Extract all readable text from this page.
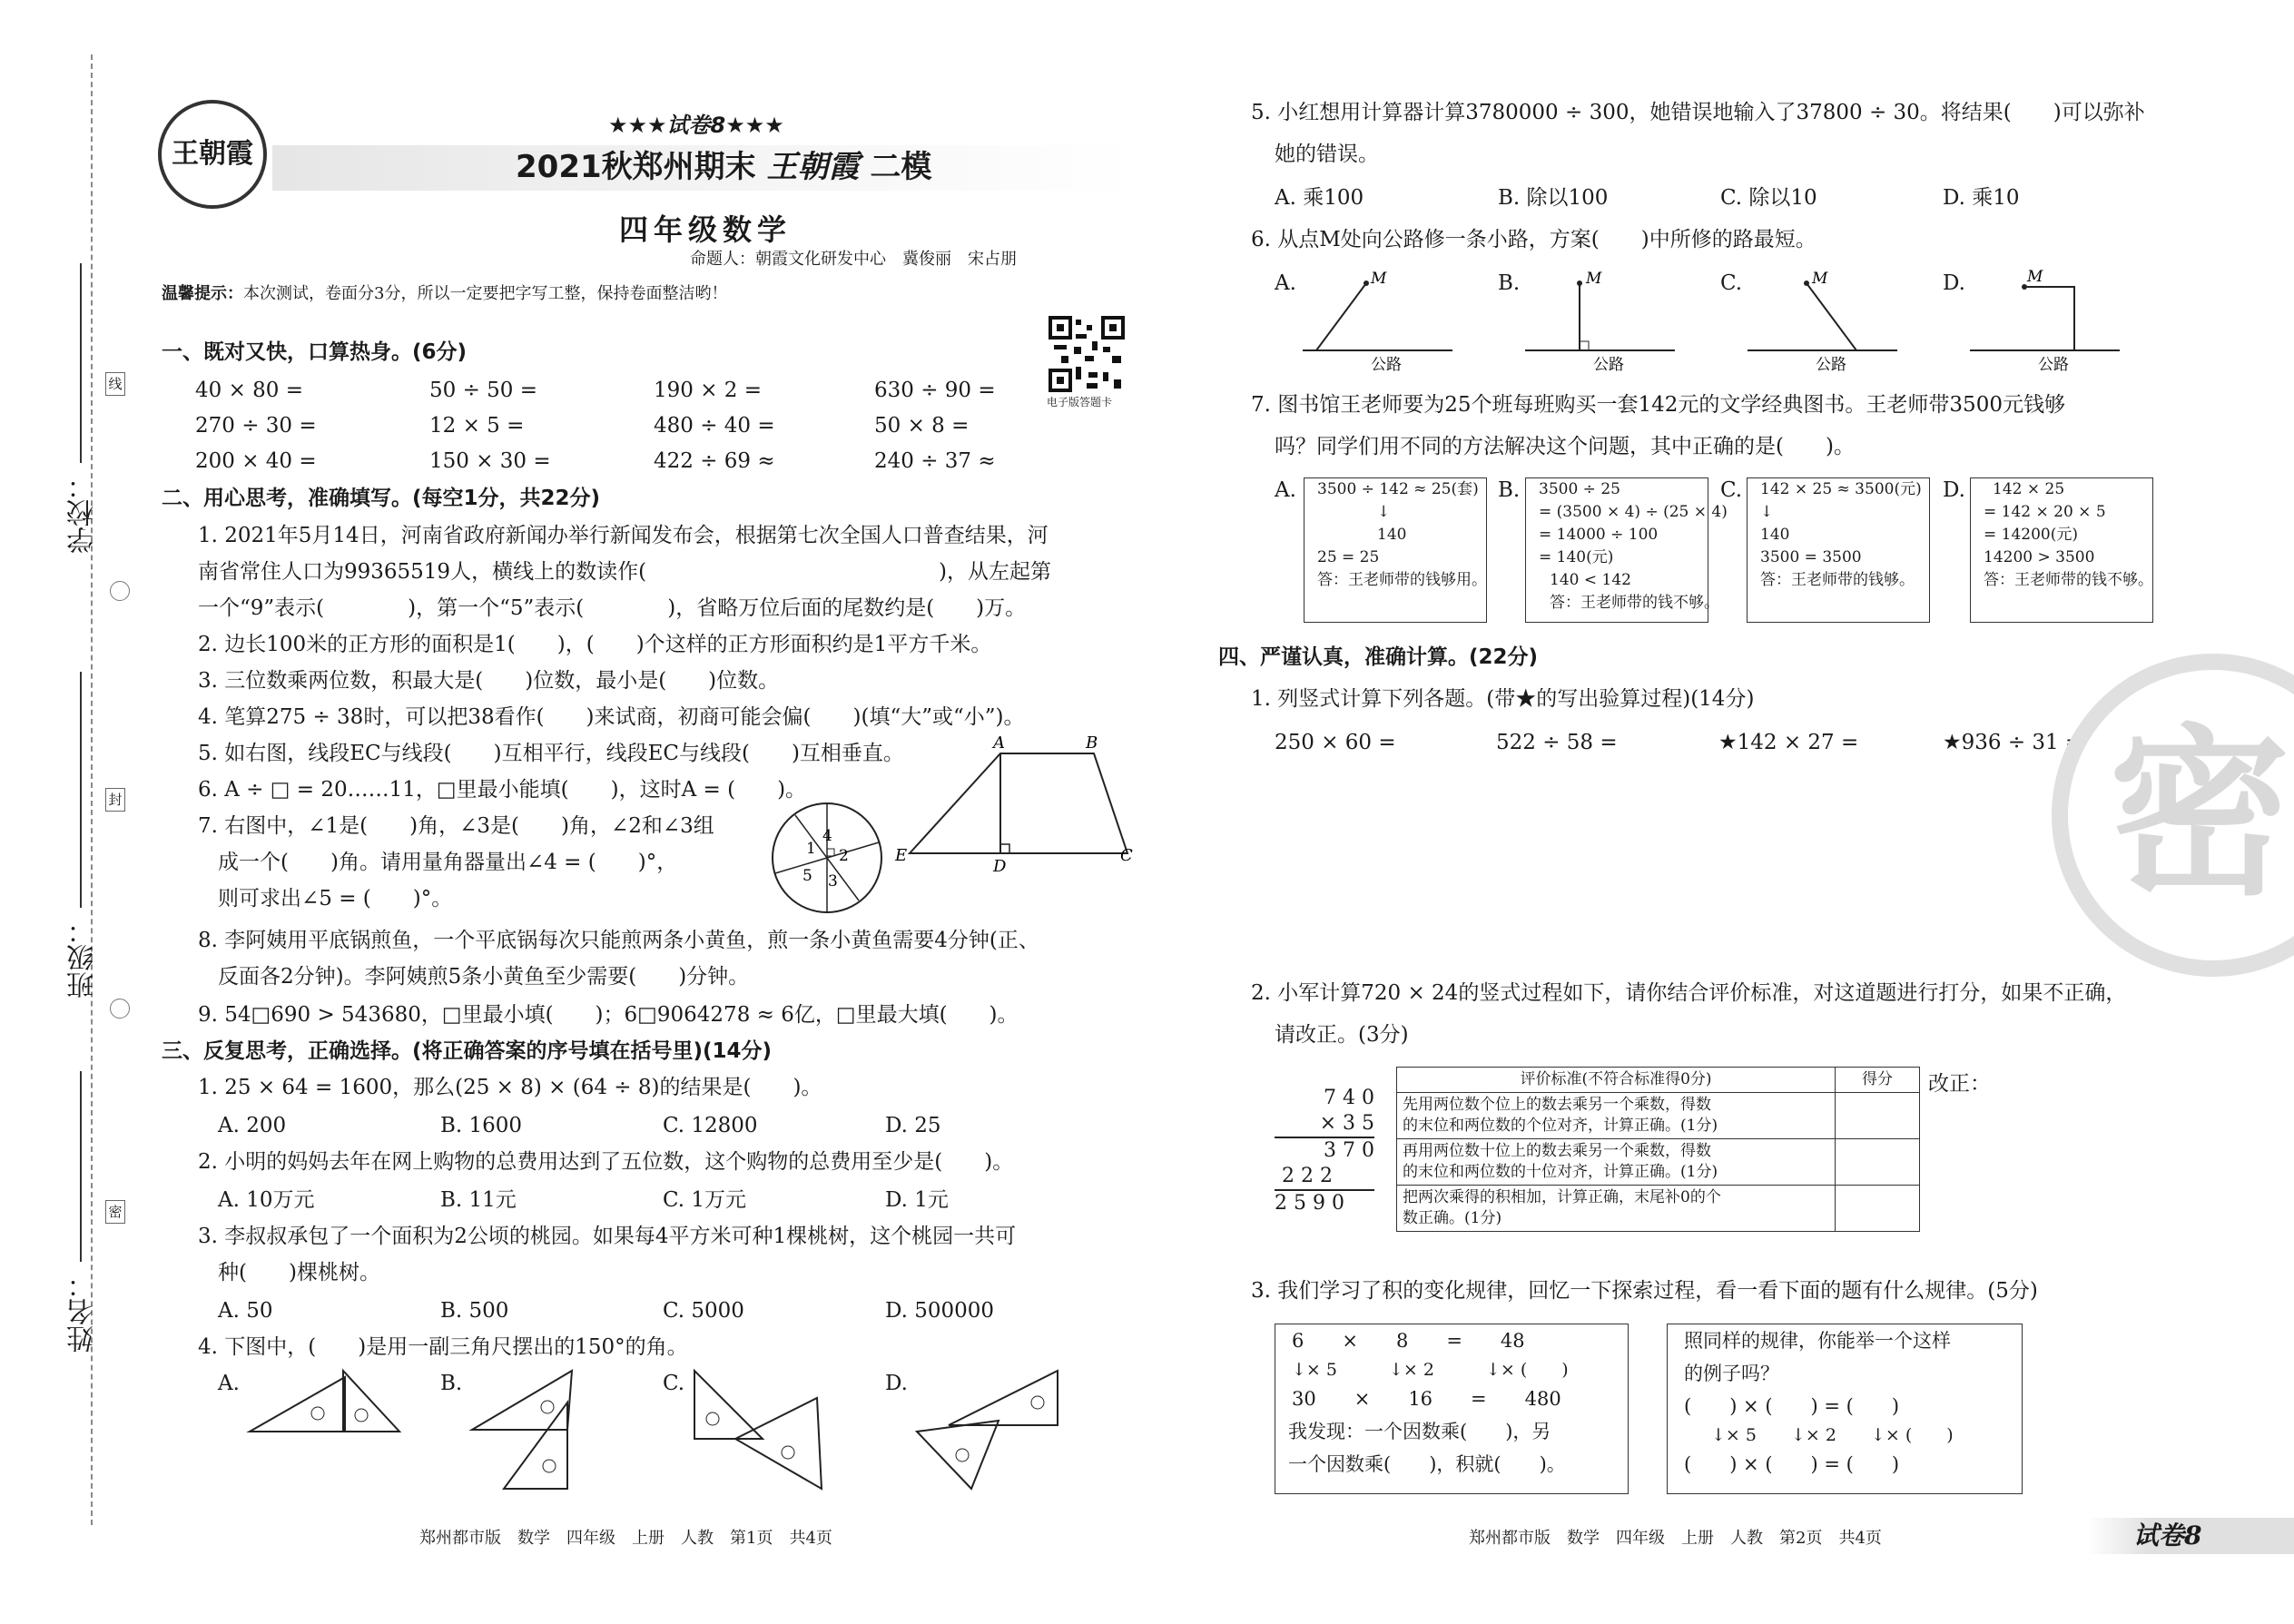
学校：
班级：
姓名：
线
封
密
王朝霞
★★★试卷8★★★
2021秋郑州期末 王朝霞 二模
四年级数学
命题人：朝霞文化研发中心　冀俊丽　宋占朋
温馨提示：本次测试，卷面分3分，所以一定要把字写工整，保持卷面整洁哟！
电子版答题卡
一、既对又快，口算热身。(6分)
40 × 80 =	50 ÷ 50 =	190 × 2 =	630 ÷ 90 =
270 ÷ 30 =	12 × 5 =	480 ÷ 40 =	50 × 8 =
200 × 40 =	150 × 30 =	422 ÷ 69 ≈	240 ÷ 37 ≈
二、用心思考，准确填写。(每空1分，共22分)
1. 2021年5月14日，河南省政府新闻办举行新闻发布会，根据第七次全国人口普查结果，河
南省常住人口为99365519人，横线上的数读作(　　　　　　　　　　　　　　)，从左起第
一个“9”表示(　　　　)，第一个“5”表示(　　　　)，省略万位后面的尾数约是(　　)万。
2. 边长100米的正方形的面积是1(　　)，(　　)个这样的正方形面积约是1平方千米。
3. 三位数乘两位数，积最大是(　　)位数，最小是(　　)位数。
4. 笔算275 ÷ 38时，可以把38看作(　　)来试商，初商可能会偏(　　)(填“大”或“小”)。
5. 如右图，线段EC与线段(　　)互相平行，线段EC与线段(　　)互相垂直。
6. A ÷ □ = 20……11，□里最小能填(　　)，这时A = (　　)。
7. 右图中，∠1是(　　)角，∠3是(　　)角，∠2和∠3组
成一个(　　)角。请用量角器量出∠4 = (　　)°，
则可求出∠5 = (　　)°。
8. 李阿姨用平底锅煎鱼，一个平底锅每次只能煎两条小黄鱼，煎一条小黄鱼需要4分钟(正、
反面各2分钟)。李阿姨煎5条小黄鱼至少需要(　　)分钟。
9. 54□690 > 543680，□里最小填(　　)；6□9064278 ≈ 6亿，□里最大填(　　)。
A	B
E
D
C
1
4
2
5 3
三、反复思考，正确选择。(将正确答案的序号填在括号里)(14分)
1. 25 × 64 = 1600，那么(25 × 8) × (64 ÷ 8)的结果是(　　)。
A. 200	B. 1600	C. 12800	D. 25
2. 小明的妈妈去年在网上购物的总费用达到了五位数，这个购物的总费用至少是(　　)。
A. 10万元	B. 11元	C. 1万元	D. 1元
3. 李叔叔承包了一个面积为2公顷的桃园。如果每4平方米可种1棵桃树，这个桃园一共可
种(　　)棵桃树。
A. 50	B. 500	C. 5000	D. 500000
4. 下图中，(　　)是用一副三角尺摆出的150°的角。
A.	B.	C.	D.
郑州都市版　数学　四年级　上册　人教　第1页　共4页
5. 小红想用计算器计算3780000 ÷ 300，她错误地输入了37800 ÷ 30。将结果(　　)可以弥补
她的错误。
A. 乘100	B. 除以100	C. 除以10	D. 乘10
6. 从点M处向公路修一条小路，方案(　　)中所修的路最短。
A.	B.	C.	D.
M
公路
M
公路
M
公路
M
公路
7. 图书馆王老师要为25个班每班购买一套142元的文学经典图书。王老师带3500元钱够
吗？同学们用不同的方法解决这个问题，其中正确的是(　　)。
A. 3500 ÷ 142 ≈ 25(套)
↓
140
25 = 25
答：王老师带的钱够用。
B. 3500 ÷ 25
= (3500 × 4) ÷ (25 × 4)
= 14000 ÷ 100
= 140(元)
140 < 142
答：王老师带的钱不够。
C. 142 × 25 ≈ 3500(元)
↓
140
3500 = 3500
答：王老师带的钱够。
D. 142 × 25
= 142 × 20 × 5
= 14200(元)
14200 > 3500
答：王老师带的钱不够。
四、严谨认真，准确计算。(22分)
1. 列竖式计算下列各题。(带★的写出验算过程)(14分)
250 × 60 =	522 ÷ 58 =	★142 × 27 =	★936 ÷ 31 = 密
2. 小军计算720 × 24的竖式过程如下，请你结合评价标准，对这道题进行打分，如果不正确，
请改正。(3分)
7 4 0
× 3 5
3 7 0
2 2 2
2 5 9 0
评价标准(不符合标准得0分)	得分

先用两位数个位上的数去乘另一个乘数，得数
的末位和两位数的个位对齐，计算正确。(1分)	

再用两位数十位上的数去乘另一个乘数，得数
的末位和两位数的十位对齐，计算正确。(1分)	

把两次乘得的积相加，计算正确，末尾补0的个
数正确。(1分)	

改正：
3. 我们学习了积的变化规律，回忆一下探索过程，看一看下面的题有什么规律。(5分)
6　　×　　8　　=　　48
↓× 5　　　↓× 2　　　↓× (　　)
30　　×　　16　　=　　480
我发现：一个因数乘(　　)，另
一个因数乘(　　)，积就(　　)。
照同样的规律，你能举一个这样
的例子吗？
(　　) × (　　) = (　　)
↓× 5　　↓× 2　　↓× (　　)
(　　) × (　　) = (　　)
郑州都市版　数学　四年级　上册　人教　第2页　共4页	试卷8
